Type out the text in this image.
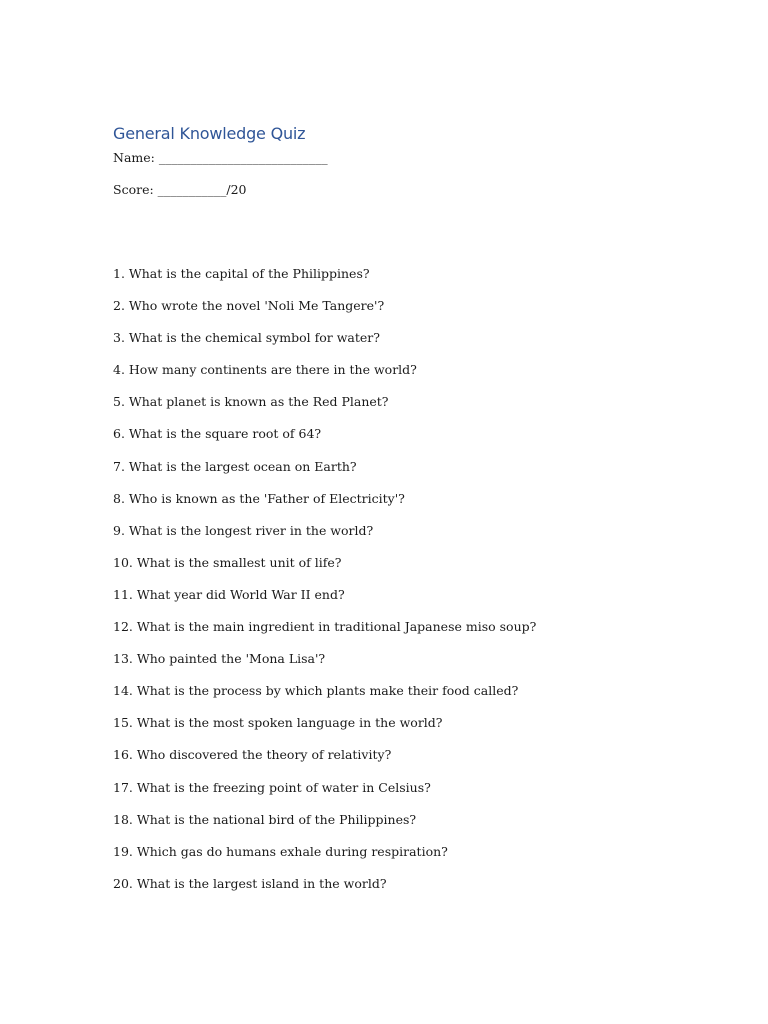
General Knowledge Quiz
Name: ___________________________
Score: ___________/20
1. What is the capital of the Philippines?
2. Who wrote the novel 'Noli Me Tangere'?
3. What is the chemical symbol for water?
4. How many continents are there in the world?
5. What planet is known as the Red Planet?
6. What is the square root of 64?
7. What is the largest ocean on Earth?
8. Who is known as the 'Father of Electricity'?
9. What is the longest river in the world?
10. What is the smallest unit of life?
11. What year did World War II end?
12. What is the main ingredient in traditional Japanese miso soup?
13. Who painted the 'Mona Lisa'?
14. What is the process by which plants make their food called?
15. What is the most spoken language in the world?
16. Who discovered the theory of relativity?
17. What is the freezing point of water in Celsius?
18. What is the national bird of the Philippines?
19. Which gas do humans exhale during respiration?
20. What is the largest island in the world?
